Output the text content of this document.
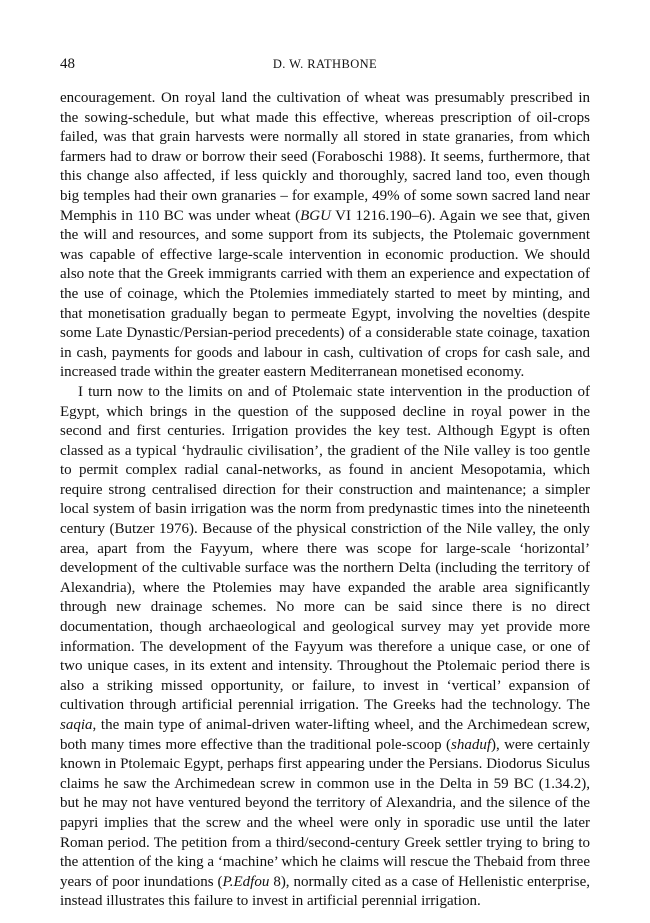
48	D. W. RATHBONE

encouragement. On royal land the cultivation of wheat was presumably prescribed in the sowing-schedule, but what made this effective, whereas prescription of oil-crops failed, was that grain harvests were normally all stored in state granaries, from which farmers had to draw or borrow their seed (Foraboschi 1988). It seems, furthermore, that this change also affected, if less quickly and thoroughly, sacred land too, even though big temples had their own granaries – for example, 49% of some sown sacred land near Memphis in 110 BC was under wheat (BGU VI 1216.190–6). Again we see that, given the will and resources, and some support from its subjects, the Ptolemaic government was capable of effective large-scale intervention in economic production. We should also note that the Greek immigrants carried with them an experience and expectation of the use of coinage, which the Ptolemies immediately started to meet by minting, and that monetisation gradually began to permeate Egypt, involving the novelties (despite some Late Dynastic/Persian-period precedents) of a considerable state coinage, taxation in cash, payments for goods and labour in cash, cultivation of crops for cash sale, and increased trade within the greater eastern Mediterranean monetised economy.

I turn now to the limits on and of Ptolemaic state intervention in the production of Egypt, which brings in the question of the supposed decline in royal power in the second and first centuries. Irrigation provides the key test. Although Egypt is often classed as a typical ‘hydraulic civilisation’, the gradient of the Nile valley is too gentle to permit complex radial canal-networks, as found in ancient Mesopotamia, which require strong centralised direction for their construction and maintenance; a simpler local system of basin irrigation was the norm from predynastic times into the nineteenth century (Butzer 1976). Because of the physical constriction of the Nile valley, the only area, apart from the Fayyum, where there was scope for large-scale ‘horizontal’ development of the cultivable surface was the northern Delta (including the territory of Alexandria), where the Ptolemies may have expanded the arable area significantly through new drainage schemes. No more can be said since there is no direct documentation, though archaeological and geological survey may yet provide more information. The development of the Fayyum was therefore a unique case, or one of two unique cases, in its extent and intensity. Throughout the Ptolemaic period there is also a striking missed opportunity, or failure, to invest in ‘vertical’ expansion of cultivation through artificial perennial irrigation. The Greeks had the technology. The saqia, the main type of animal-driven water-lifting wheel, and the Archimedean screw, both many times more effective than the traditional pole-scoop (shaduf), were certainly known in Ptolemaic Egypt, perhaps first appearing under the Persians. Diodorus Siculus claims he saw the Archimedean screw in common use in the Delta in 59 BC (1.34.2), but he may not have ventured beyond the territory of Alexandria, and the silence of the papyri implies that the screw and the wheel were only in sporadic use until the later Roman period. The petition from a third/second-century Greek settler trying to bring to the attention of the king a ‘machine’ which he claims will rescue the Thebaid from three years of poor inundations (P.Edfou 8), normally cited as a case of Hellenistic enterprise, instead illustrates this failure to invest in artificial perennial irrigation.
